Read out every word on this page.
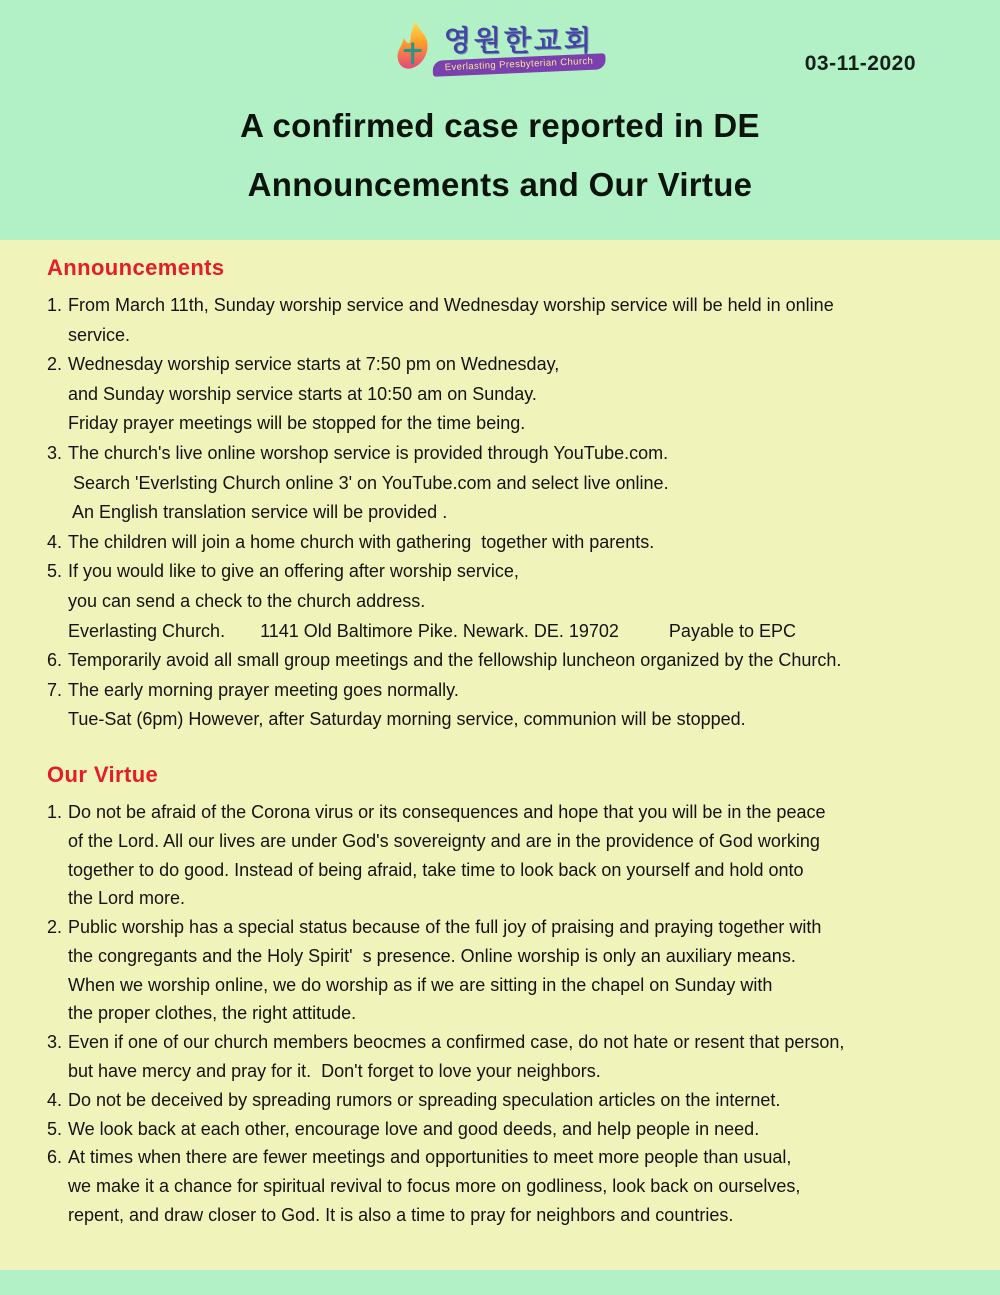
영원한교회
Everlasting Presbyterian Church	03-11-2020
A confirmed case reported in DE
Announcements and Our Virtue
Announcements
1. From March 11th, Sunday worship service and Wednesday worship service will be held in online
service.
2. Wednesday worship service starts at 7:50 pm on Wednesday,
and Sunday worship service starts at 10:50 am on Sunday.
Friday prayer meetings will be stopped for the time being.
3. The church's live online worshop service is provided through YouTube.com.
Search 'Everlsting Church online 3' on YouTube.com and select live online.
An English translation service will be provided .
4. The children will join a home church with gathering  together with parents.
5. If you would like to give an offering after worship service,
you can send a check to the church address.
Everlasting Church.       1141 Old Baltimore Pike. Newark. DE. 19702          Payable to EPC
6. Temporarily avoid all small group meetings and the fellowship luncheon organized by the Church.
7. The early morning prayer meeting goes normally.
Tue-Sat (6pm) However, after Saturday morning service, communion will be stopped.
Our Virtue
1. Do not be afraid of the Corona virus or its consequences and hope that you will be in the peace
of the Lord. All our lives are under God's sovereignty and are in the providence of God working
together to do good. Instead of being afraid, take time to look back on yourself and hold onto
the Lord more.
2. Public worship has a special status because of the full joy of praising and praying together with
the congregants and the Holy Spirit'  s presence. Online worship is only an auxiliary means.
When we worship online, we do worship as if we are sitting in the chapel on Sunday with
the proper clothes, the right attitude.
3. Even if one of our church members beocmes a confirmed case, do not hate or resent that person,
but have mercy and pray for it.  Don't forget to love your neighbors.
4. Do not be deceived by spreading rumors or spreading speculation articles on the internet.
5. We look back at each other, encourage love and good deeds, and help people in need.
6. At times when there are fewer meetings and opportunities to meet more people than usual,
we make it a chance for spiritual revival to focus more on godliness, look back on ourselves,
repent, and draw closer to God. It is also a time to pray for neighbors and countries.
